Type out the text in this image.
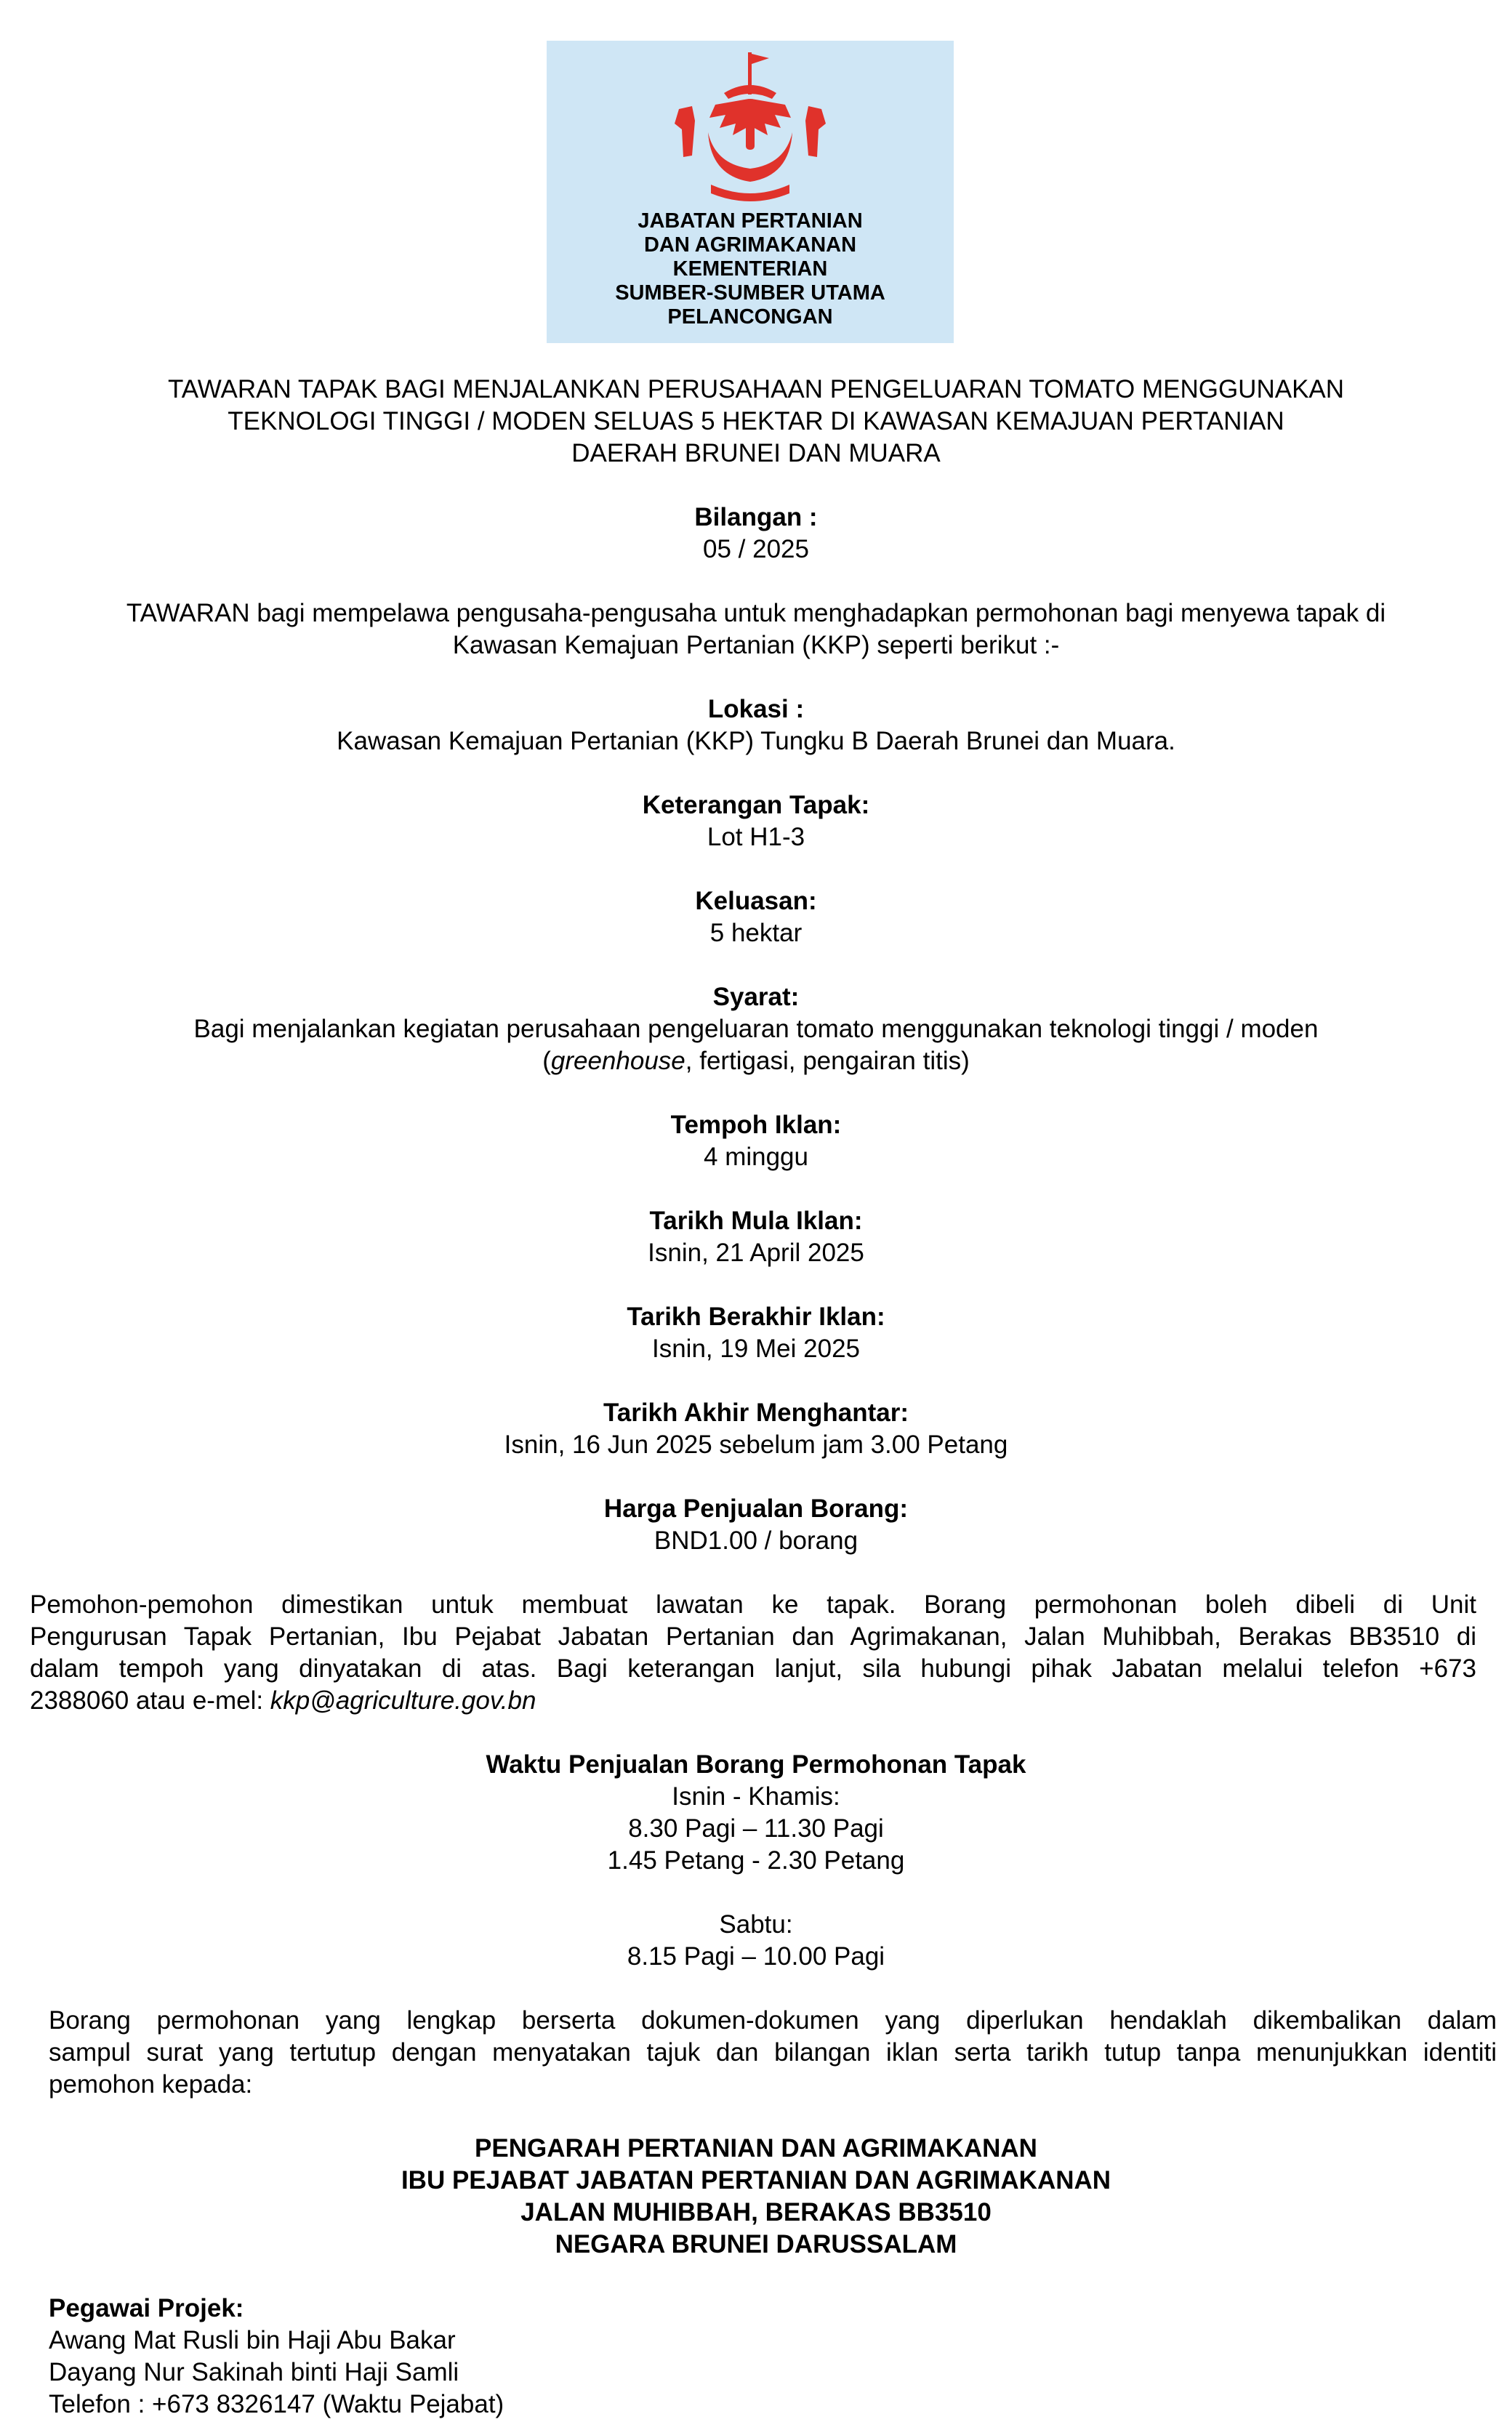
JABATAN PERTANIAN
DAN AGRIMAKANAN
KEMENTERIAN
SUMBER-SUMBER UTAMA
PELANCONGAN
TAWARAN TAPAK BAGI MENJALANKAN PERUSAHAAN PENGELUARAN TOMATO MENGGUNAKAN
TEKNOLOGI TINGGI / MODEN SELUAS 5 HEKTAR DI KAWASAN KEMAJUAN PERTANIAN
DAERAH BRUNEI DAN MUARA
Bilangan :
05 / 2025
TAWARAN bagi mempelawa pengusaha-pengusaha untuk menghadapkan permohonan bagi menyewa tapak di
Kawasan Kemajuan Pertanian (KKP) seperti berikut :-
Lokasi :
Kawasan Kemajuan Pertanian (KKP) Tungku B Daerah Brunei dan Muara.
Keterangan Tapak:
Lot H1-3
Keluasan:
5 hektar
Syarat:
Bagi menjalankan kegiatan perusahaan pengeluaran tomato menggunakan teknologi tinggi / moden
(greenhouse, fertigasi, pengairan titis)
Tempoh Iklan:
4 minggu
Tarikh Mula Iklan:
Isnin, 21 April 2025
Tarikh Berakhir Iklan:
Isnin, 19 Mei 2025
Tarikh Akhir Menghantar:
Isnin, 16 Jun 2025 sebelum jam 3.00 Petang
Harga Penjualan Borang:
BND1.00 / borang
Pemohon-pemohon dimestikan untuk membuat lawatan ke tapak. Borang permohonan boleh dibeli di Unit
Pengurusan Tapak Pertanian, Ibu Pejabat Jabatan Pertanian dan Agrimakanan, Jalan Muhibbah, Berakas BB3510 di
dalam tempoh yang dinyatakan di atas. Bagi keterangan lanjut, sila hubungi pihak Jabatan melalui telefon +673
2388060 atau e-mel: kkp@agriculture.gov.bn
Waktu Penjualan Borang Permohonan Tapak
Isnin - Khamis:
8.30 Pagi – 11.30 Pagi
1.45 Petang - 2.30 Petang
Sabtu:
8.15 Pagi – 10.00 Pagi
Borang permohonan yang lengkap berserta dokumen-dokumen yang diperlukan hendaklah dikembalikan dalam
sampul surat yang tertutup dengan menyatakan tajuk dan bilangan iklan serta tarikh tutup tanpa menunjukkan identiti
pemohon kepada:
PENGARAH PERTANIAN DAN AGRIMAKANAN
IBU PEJABAT JABATAN PERTANIAN DAN AGRIMAKANAN
JALAN MUHIBBAH, BERAKAS BB3510
NEGARA BRUNEI DARUSSALAM
Pegawai Projek:
Awang Mat Rusli bin Haji Abu Bakar
Dayang Nur Sakinah binti Haji Samli
Telefon : +673 8326147 (Waktu Pejabat)
